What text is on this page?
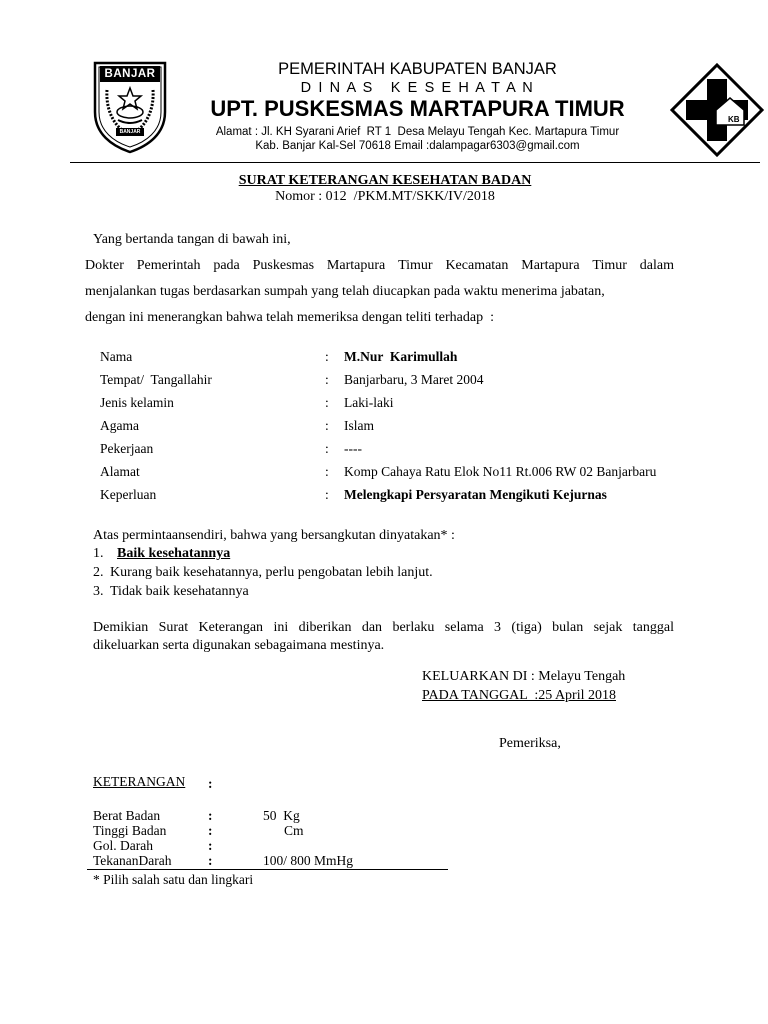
BANJAR
BANJAR
PEMERINTAH KABUPATEN BANJAR
D I N A S   K E S E H A T A N
UPT. PUSKESMAS MARTAPURA TIMUR
Alamat : Jl. KH Syarani Arief  RT 1  Desa Melayu Tengah Kec. Martapura Timur
Kab. Banjar Kal-Sel 70618 Email :dalampagar6303@gmail.com
KB
SURAT KETERANGAN KESEHATAN BADAN
Nomor : 012  /PKM.MT/SKK/IV/2018
Yang bertanda tangan di bawah ini,
Dokter Pemerintah pada Puskesmas Martapura Timur Kecamatan Martapura Timur dalam
menjalankan tugas berdasarkan sumpah yang telah diucapkan pada waktu menerima jabatan,
dengan ini menerangkan bahwa telah memeriksa dengan teliti terhadap  :
Nama	: M.Nur  Karimullah
Tempat/  Tangallahir	: Banjarbaru, 3 Maret 2004
Jenis kelamin	: Laki-laki
Agama	: Islam
Pekerjaan	: ----
Alamat	: Komp Cahaya Ratu Elok No11 Rt.006 RW 02 Banjarbaru
Keperluan	: Melengkapi Persyaratan Mengikuti Kejurnas
Atas permintaansendiri, bahwa yang bersangkutan dinyatakan* :
1. Baik kesehatannya
2. Kurang baik kesehatannya, perlu pengobatan lebih lanjut.
3. Tidak baik kesehatannya
Demikian Surat Keterangan ini diberikan dan berlaku selama 3 (tiga) bulan sejak tanggal
dikeluarkan serta digunakan sebagaimana mestinya.
KELUARKAN DI : Melayu Tengah
PADA TANGGAL  :25 April 2018
Pemeriksa,
KETERANGAN :
Berat Badan	:	50  Kg
Tinggi Badan	:	Cm
Gol. Darah	:
TekananDarah	:	100/ 800 MmHg
* Pilih salah satu dan lingkari
